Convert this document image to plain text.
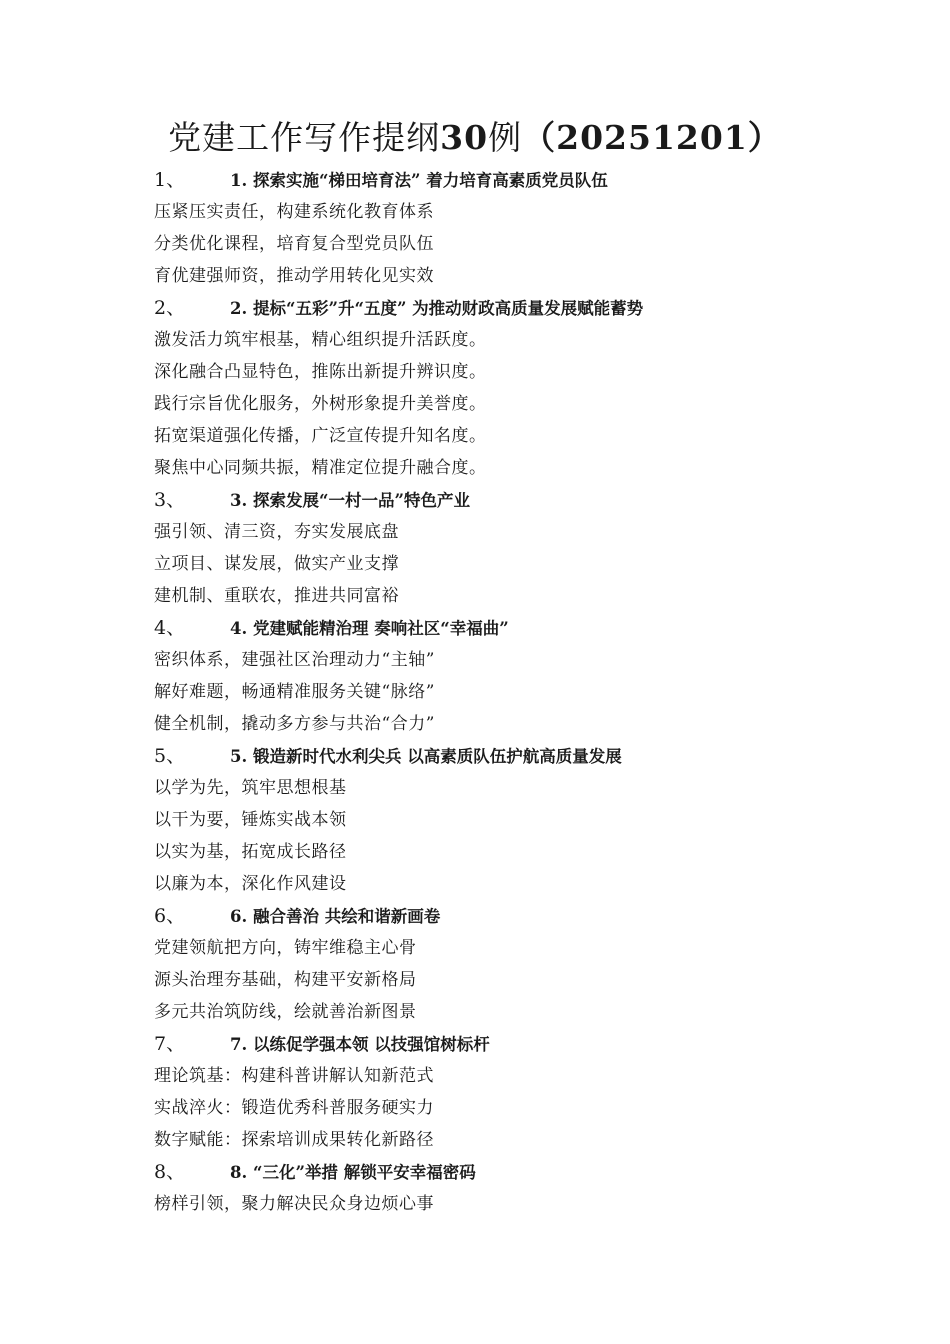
党建工作写作提纲30例（20251201）
1、	1. 探索实施“梯田培育法” 着力培育高素质党员队伍
压紧压实责任，构建系统化教育体系
分类优化课程，培育复合型党员队伍
育优建强师资，推动学用转化见实效
2、	2. 提标“五彩”升“五度” 为推动财政高质量发展赋能蓄势
激发活力筑牢根基，精心组织提升活跃度。
深化融合凸显特色，推陈出新提升辨识度。
践行宗旨优化服务，外树形象提升美誉度。
拓宽渠道强化传播，广泛宣传提升知名度。
聚焦中心同频共振，精准定位提升融合度。
3、	3. 探索发展“一村一品”特色产业
强引领、清三资，夯实发展底盘
立项目、谋发展，做实产业支撑
建机制、重联农，推进共同富裕
4、	4. 党建赋能精治理 奏响社区“幸福曲”
密织体系，建强社区治理动力“主轴”
解好难题，畅通精准服务关键“脉络”
健全机制，撬动多方参与共治“合力”
5、	5. 锻造新时代水利尖兵 以高素质队伍护航高质量发展
以学为先，筑牢思想根基
以干为要，锤炼实战本领
以实为基，拓宽成长路径
以廉为本，深化作风建设
6、	6. 融合善治 共绘和谐新画卷
党建领航把方向，铸牢维稳主心骨
源头治理夯基础，构建平安新格局
多元共治筑防线，绘就善治新图景
7、	7. 以练促学强本领 以技强馆树标杆
理论筑基：构建科普讲解认知新范式
实战淬火：锻造优秀科普服务硬实力
数字赋能：探索培训成果转化新路径
8、	8. “三化”举措 解锁平安幸福密码
榜样引领，聚力解决民众身边烦心事
